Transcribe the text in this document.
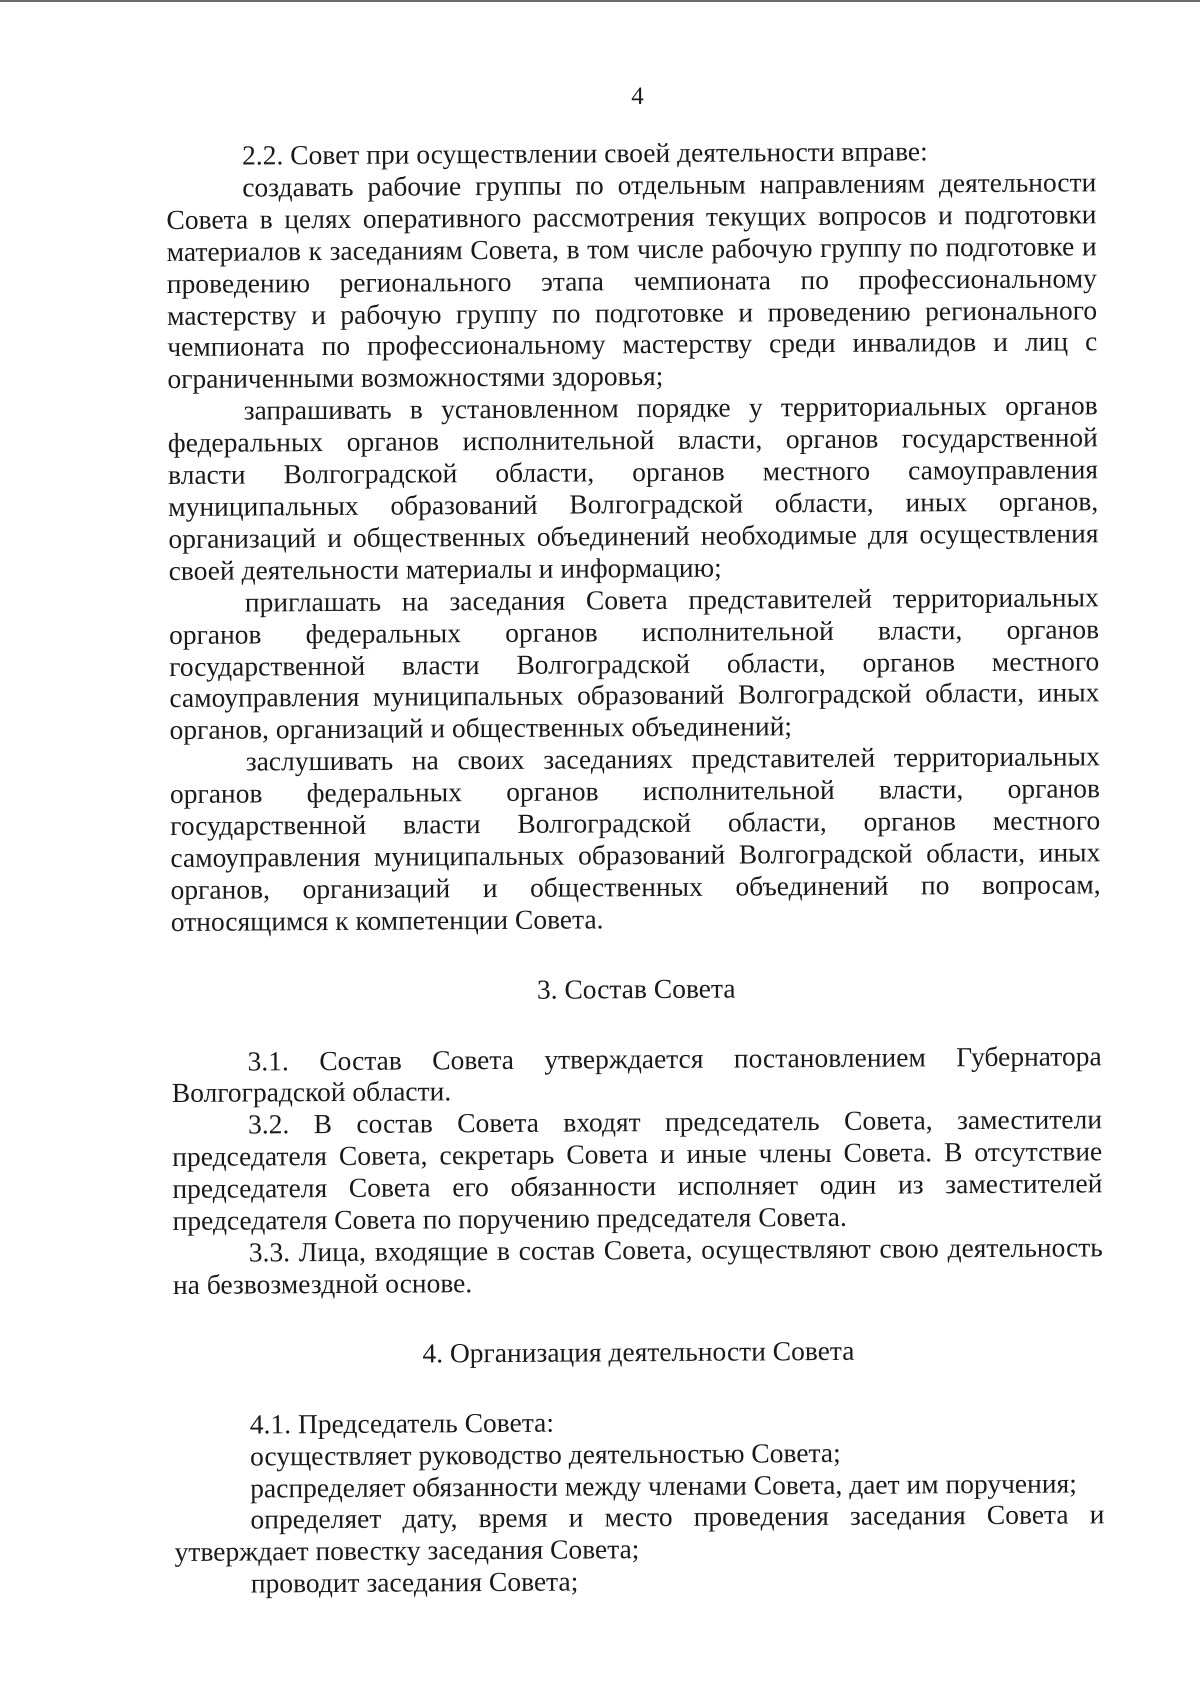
4

2.2. Совет при осуществлении своей деятельности вправе:

создавать рабочие группы по отдельным направлениям деятельности Совета в целях оперативного рассмотрения текущих вопросов и подготовки материалов к заседаниям Совета, в том числе рабочую группу по подготовке и проведению регионального этапа чемпионата по профессиональному мастерству и рабочую группу по подготовке и проведению регионального чемпионата по профессиональному мастерству среди инвалидов и лиц с ограниченными возможностями здоровья;

запрашивать в установленном порядке у территориальных органов федеральных органов исполнительной власти, органов государственной власти Волгоградской области, органов местного самоуправления муниципальных образований Волгоградской области, иных органов, организаций и общественных объединений необходимые для осуществления своей деятельности материалы и информацию;

приглашать на заседания Совета представителей территориальных органов федеральных органов исполнительной власти, органов государственной власти Волгоградской области, органов местного самоуправления муниципальных образований Волгоградской области, иных органов, организаций и общественных объединений;

заслушивать на своих заседаниях представителей территориальных органов федеральных органов исполнительной власти, органов государственной власти Волгоградской области, органов местного самоуправления муниципальных образований Волгоградской области, иных органов, организаций и общественных объединений по вопросам, относящимся к компетенции Совета.

3. Состав Совета

3.1. Состав Совета утверждается постановлением Губернатора Волгоградской области.

3.2. В состав Совета входят председатель Совета, заместители председателя Совета, секретарь Совета и иные члены Совета. В отсутствие председателя Совета его обязанности исполняет один из заместителей председателя Совета по поручению председателя Совета.

3.3. Лица, входящие в состав Совета, осуществляют свою деятельность на безвозмездной основе.

4. Организация деятельности Совета

4.1. Председатель Совета:

осуществляет руководство деятельностью Совета;

распределяет обязанности между членами Совета, дает им поручения;

определяет дату, время и место проведения заседания Совета и утверждает повестку заседания Совета;

проводит заседания Совета;
